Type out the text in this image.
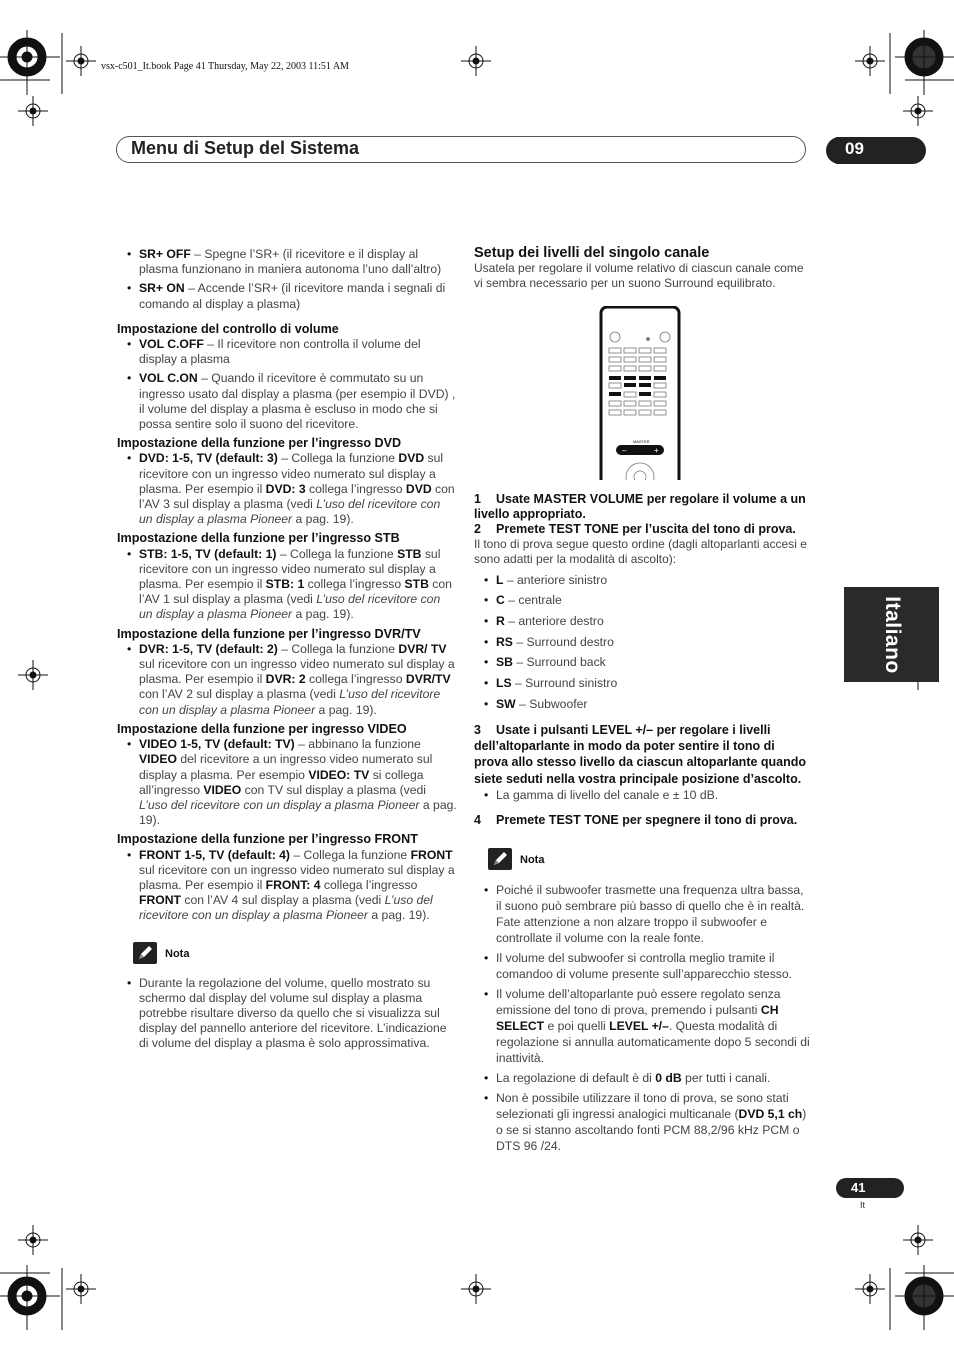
vsx-c501_It.book Page 41 Thursday, May 22, 2003 11:51 AM
Menu di Setup del Sistema	09
Italiano
• SR+ OFF – Spegne l’SR+ (il ricevitore e il display al plasma funzionano in maniera autonoma l’uno dall’altro)
• SR+ ON – Accende l’SR+ (il ricevitore manda i segnali di comando al display a plasma)

Impostazione del controllo di volume

• VOL C.OFF – Il ricevitore non controlla il volume del display a plasma
• VOL C.ON – Quando il ricevitore è commutato su un ingresso usato dal display a plasma (per esempio il DVD) , il volume del display a plasma è escluso in modo che si possa sentire solo il suono del ricevitore.

Impostazione della funzione per l’ingresso DVD

• DVD: 1-5, TV (default: 3) – Collega la funzione DVD sul ricevitore con un ingresso video numerato sul display a plasma. Per esempio il DVD: 3 collega l’ingresso DVD con l’AV 3 sul display a plasma (vedi L’uso del ricevitore con un display a plasma Pioneer a pag. 19).

Impostazione della funzione per l’ingresso STB

• STB: 1-5, TV (default: 1) – Collega la funzione STB sul ricevitore con un ingresso video numerato sul display a plasma. Per esempio il STB: 1 collega l’ingresso STB con l’AV 1 sul display a plasma (vedi L’uso del ricevitore con un display a plasma Pioneer a pag. 19).

Impostazione della funzione per l’ingresso DVR/TV

• DVR: 1-5, TV (default: 2) – Collega la funzione DVR/ TV sul ricevitore con un ingresso video numerato sul display a plasma. Per esempio il DVR: 2 collega l’ingresso DVR/TV con l’AV 2 sul display a plasma (vedi L’uso del ricevitore con un display a plasma Pioneer a pag. 19).

Impostazione della funzione per ingresso VIDEO

• VIDEO 1-5, TV (default: TV) – abbinano la funzione VIDEO del ricevitore a un ingresso video numerato sul display a plasma. Per esempio VIDEO: TV si collega all’ingresso VIDEO con TV sul display a plasma (vedi L’uso del ricevitore con un display a plasma Pioneer a pag. 19).

Impostazione della funzione per l’ingresso FRONT

• FRONT 1-5, TV (default: 4) – Collega la funzione FRONT sul ricevitore con un ingresso video numerato sul display a plasma. Per esempio il FRONT: 4 collega l’ingresso FRONT con l’AV 4 sul display a plasma (vedi L’uso del ricevitore con un display a plasma Pioneer a pag. 19).
Nota
• Durante la regolazione del volume, quello mostrato su schermo dal display del volume sul display a plasma potrebbe risultare diverso da quello che si visualizza sul display del pannello anteriore del ricevitore. L’indicazione di volume del display a plasma è solo approssimativa.

Setup dei livelli del singolo canale

Usatela per regolare il volume relativo di ciascun canale come vi sembra necessario per un suono Surround equilibrato.

–	+
MASTER
VOLUME

1 Usate MASTER VOLUME per regolare il volume a un livello appropriato.

2 Premete TEST TONE per l’uscita del tono di prova.

Il tono di prova segue questo ordine (dagli altoparlanti accesi e sono adatti per la modalità di ascolto):

• L – anteriore sinistro
• C – centrale
• R – anteriore destro
• RS – Surround destro
• SB – Surround back
• LS – Surround sinistro
• SW – Subwoofer

3 Usate i pulsanti LEVEL +/– per regolare i livelli dell’altoparlante in modo da poter sentire il tono di prova allo stesso livello da ciascun altoparlante quando siete seduti nella vostra principale posizione d’ascolto.

• La gamma di livello del canale e ± 10 dB.

4 Premete TEST TONE per spegnere il tono di prova.

Nota
• Poiché il subwoofer trasmette una frequenza ultra bassa, il suono può sembrare più basso di quello che è in realtà. Fate attenzione a non alzare troppo il subwoofer e controllate il volume con la reale fonte.
• Il volume del subwoofer si controlla meglio tramite il comandoo di volume presente sull’apparecchio stesso.
• Il volume dell’altoparlante può essere regolato senza emissione del tono di prova, premendo i pulsanti CH SELECT e poi quelli LEVEL +/–. Questa modalità di regolazione si annulla automaticamente dopo 5 secondi di inattività.
• La regolazione di default è di 0 dB per tutti i canali.
• Non è possibile utilizzare il tono di prova, se sono stati selezionati gli ingressi analogici multicanale (DVD 5,1 ch) o se si stanno ascoltando fonti PCM 88,2/96 kHz PCM o DTS 96 /24.
41
It
